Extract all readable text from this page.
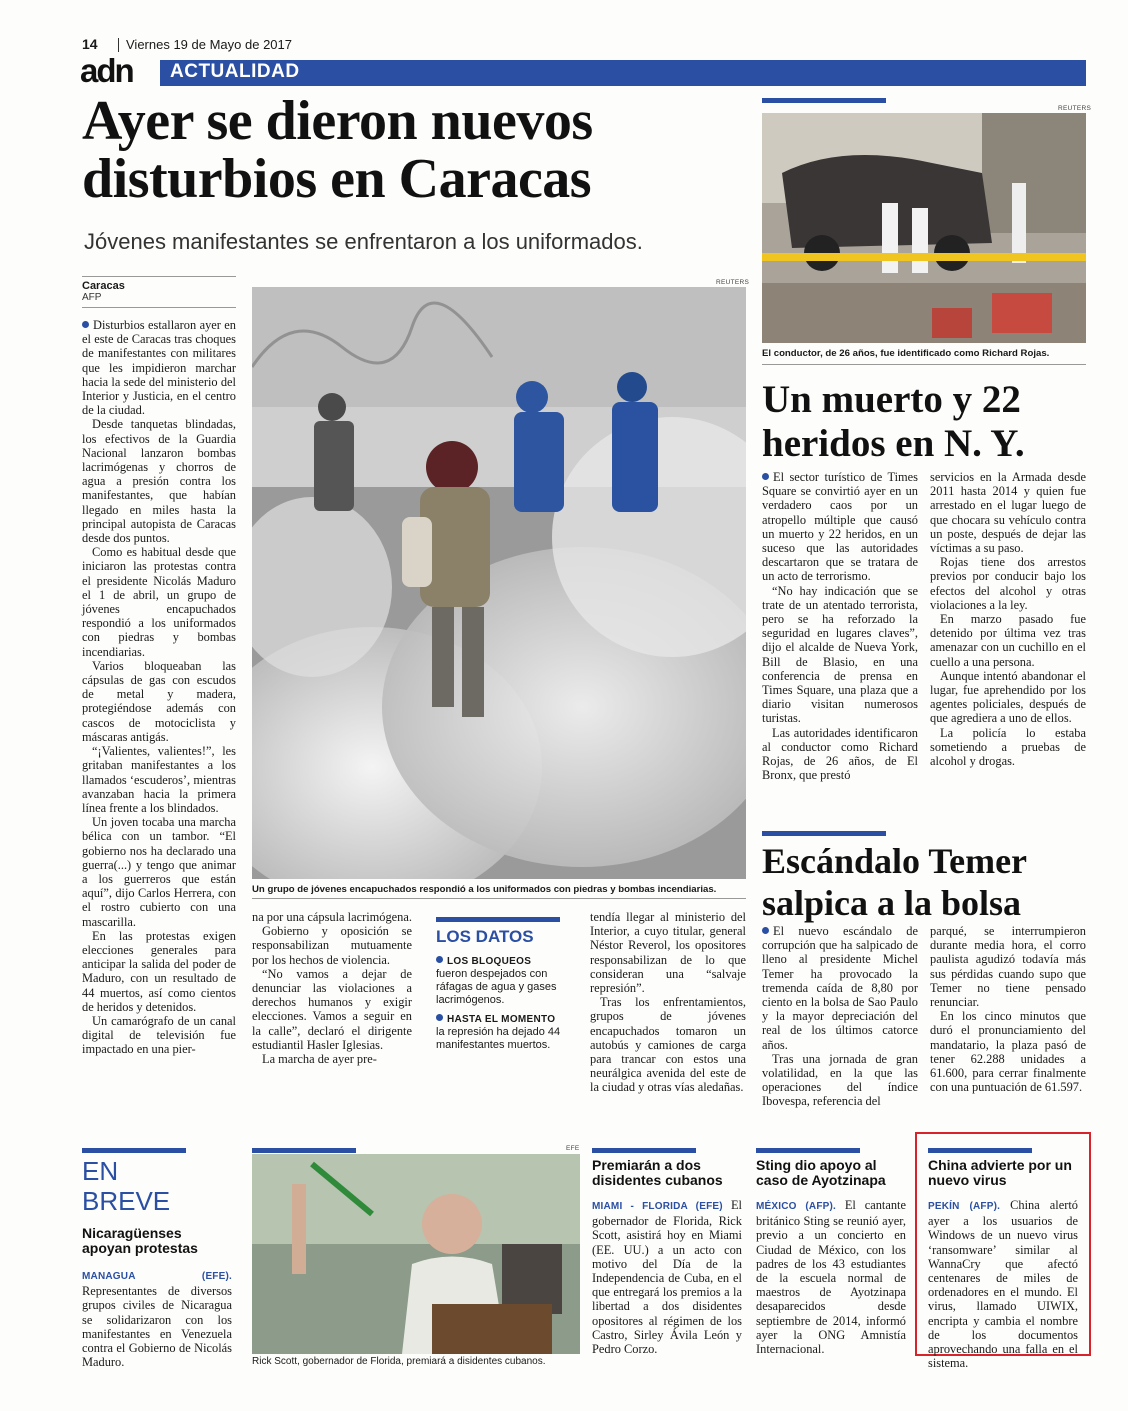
14 Viernes 19 de Mayo de 2017
adn ACTUALIDAD
Ayer se dieron nuevos disturbios en Caracas
Jóvenes manifestantes se enfrentaron a los uniformados.
Caracas
AFP

Disturbios estallaron ayer en el este de Caracas tras choques de manifestantes con militares que les impidieron marchar hacia la sede del ministerio del Interior y Justicia, en el centro de la ciudad.

Desde tanquetas blindadas, los efectivos de la Guardia Nacional lanzaron bombas lacrimógenas y chorros de agua a presión contra los manifestantes, que habían llegado en miles hasta la principal autopista de Caracas desde dos puntos.

Como es habitual desde que iniciaron las protestas contra el presidente Nicolás Maduro el 1 de abril, un grupo de jóvenes encapuchados respondió a los uniformados con piedras y bombas incendiarias.

Varios bloqueaban las cápsulas de gas con escudos de metal y madera, protegiéndose además con cascos de motociclista y máscaras antigás.

“¡Valientes, valientes!”, les gritaban manifestantes a los llamados ‘escuderos’, mientras avanzaban hacia la primera línea frente a los blindados.

Un joven tocaba una marcha bélica con un tambor. “El gobierno nos ha declarado una guerra(...) y tengo que animar a los guerreros que están aquí”, dijo Carlos Herrera, con el rostro cubierto con una mascarilla.

En las protestas exigen elecciones generales para anticipar la salida del poder de Maduro, con un resultado de 44 muertos, así como cientos de heridos y detenidos.

Un camarógrafo de un canal digital de televisión fue impactado en una pier-

REUTERS
Un grupo de jóvenes encapuchados respondió a los uniformados con piedras y bombas incendiarias.

na por una cápsula lacrimógena.

Gobierno y oposición se responsabilizan mutuamente por los hechos de violencia.

“No vamos a dejar de denunciar las violaciones a derechos humanos y exigir elecciones. Vamos a seguir en la calle”, declaró el dirigente estudiantil Hasler Iglesias.

La marcha de ayer pre-

LOS DATOS
LOS BLOQUEOS fueron despejados con ráfagas de agua y gases lacrimógenos.
HASTA EL MOMENTO la represión ha dejado 44 manifestantes muertos.

tendía llegar al ministerio del Interior, a cuyo titular, general Néstor Reverol, los opositores responsabilizan de lo que consideran una “salvaje represión”.

Tras los enfrentamientos, grupos de jóvenes encapuchados tomaron un autobús y camiones de carga para trancar con estos una neurálgica avenida del este de la ciudad y otras vías aledañas.

REUTERS
El conductor, de 26 años, fue identificado como Richard Rojas.
Un muerto y 22 heridos en N. Y.

El sector turístico de Times Square se convirtió ayer en un verdadero caos por un atropello múltiple que causó un muerto y 22 heridos, en un suceso que las autoridades descartaron que se tratara de un acto de terrorismo.

“No hay indicación que se trate de un atentado terrorista, pero se ha reforzado la seguridad en lugares claves”, dijo el alcalde de Nueva York, Bill de Blasio, en una conferencia de prensa en Times Square, una plaza que a diario visitan numerosos turistas.

Las autoridades identificaron al conductor como Richard Rojas, de 26 años, de El Bronx, que prestó

servicios en la Armada desde 2011 hasta 2014 y quien fue arrestado en el lugar luego de que chocara su vehículo contra un poste, después de dejar las víctimas a su paso.

Rojas tiene dos arrestos previos por conducir bajo los efectos del alcohol y otras violaciones a la ley.

En marzo pasado fue detenido por última vez tras amenazar con un cuchillo en el cuello a una persona.

Aunque intentó abandonar el lugar, fue aprehendido por los agentes policiales, después de que agrediera a uno de ellos.

La policía lo estaba sometiendo a pruebas de alcohol y drogas.

Escándalo Temer salpica a la bolsa

El nuevo escándalo de corrupción que ha salpicado de lleno al presidente Michel Temer ha provocado la tremenda caída de 8,80 por ciento en la bolsa de Sao Paulo y la mayor depreciación del real de los últimos catorce años.

Tras una jornada de gran volatilidad, en la que las operaciones del índice Ibovespa, referencia del

parqué, se interrumpieron durante media hora, el corro paulista agudizó todavía más sus pérdidas cuando supo que Temer no tiene pensado renunciar.

En los cinco minutos que duró el pronunciamiento del mandatario, la plaza pasó de tener 62.288 unidades a 61.600, para cerrar finalmente con una puntuación de 61.597.

EN
BREVE
Nicaragüenses apoyan protestas

MANAGUA (EFE). Representantes de diversos grupos civiles de Nicaragua se solidarizaron con los manifestantes en Venezuela contra el Gobierno de Nicolás Maduro.

EFE
Rick Scott, gobernador de Florida, premiará a disidentes cubanos.
Premiarán a dos disidentes cubanos

MIAMI - FLORIDA (EFE) El gobernador de Florida, Rick Scott, asistirá hoy en Miami (EE. UU.) a un acto con motivo del Día de la Independencia de Cuba, en el que entregará los premios a la libertad a dos disidentes opositores al régimen de los Castro, Sirley Ávila León y Pedro Corzo.

Sting dio apoyo al caso de Ayotzinapa

MÉXICO (AFP). El cantante británico Sting se reunió ayer, previo a un concierto en Ciudad de México, con los padres de los 43 estudiantes de la escuela normal de maestros de Ayotzinapa desaparecidos desde septiembre de 2014, informó ayer la ONG Amnistía Internacional.

China advierte por un nuevo virus

PEKÍN (AFP). China alertó ayer a los usuarios de Windows de un nuevo virus ‘ransomware’ similar al WannaCry que afectó centenares de miles de ordenadores en el mundo. El virus, llamado UIWIX, encripta y cambia el nombre de los documentos aprovechando una falla en el sistema.
